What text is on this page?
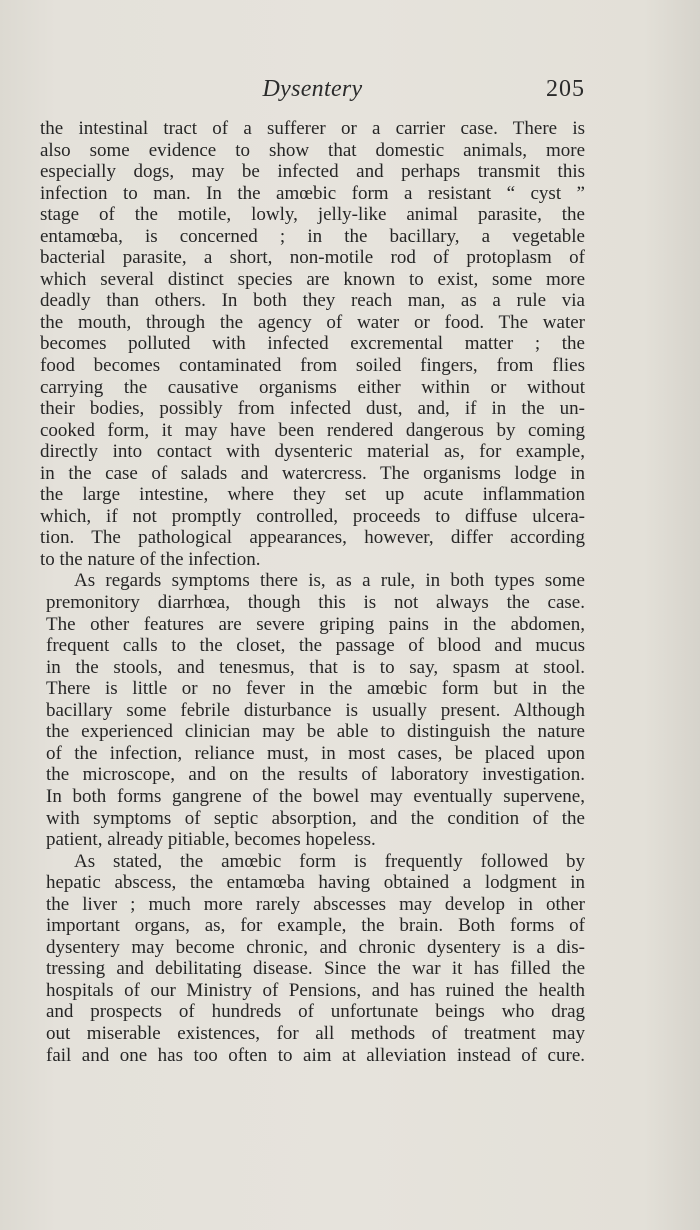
Dysentery	205
the intestinal tract of a sufferer or a carrier case. There is
also some evidence to show that domestic animals, more
especially dogs, may be infected and perhaps transmit this
infection to man. In the amœbic form a resistant “ cyst ”
stage of the motile, lowly, jelly-like animal parasite, the
entamœba, is concerned ; in the bacillary, a vegetable
bacterial parasite, a short, non-motile rod of protoplasm of
which several distinct species are known to exist, some more
deadly than others. In both they reach man, as a rule via
the mouth, through the agency of water or food. The water
becomes polluted with infected excremental matter ; the
food becomes contaminated from soiled fingers, from flies
carrying the causative organisms either within or without
their bodies, possibly from infected dust, and, if in the un-
cooked form, it may have been rendered dangerous by coming
directly into contact with dysenteric material as, for example,
in the case of salads and watercress. The organisms lodge in
the large intestine, where they set up acute inflammation
which, if not promptly controlled, proceeds to diffuse ulcera-
tion. The pathological appearances, however, differ according
to the nature of the infection.
As regards symptoms there is, as a rule, in both types some
premonitory diarrhœa, though this is not always the case.
The other features are severe griping pains in the abdomen,
frequent calls to the closet, the passage of blood and mucus
in the stools, and tenesmus, that is to say, spasm at stool.
There is little or no fever in the amœbic form but in the
bacillary some febrile disturbance is usually present. Although
the experienced clinician may be able to distinguish the nature
of the infection, reliance must, in most cases, be placed upon
the microscope, and on the results of laboratory investigation.
In both forms gangrene of the bowel may eventually supervene,
with symptoms of septic absorption, and the condition of the
patient, already pitiable, becomes hopeless.
As stated, the amœbic form is frequently followed by
hepatic abscess, the entamœba having obtained a lodgment in
the liver ; much more rarely abscesses may develop in other
important organs, as, for example, the brain. Both forms of
dysentery may become chronic, and chronic dysentery is a dis-
tressing and debilitating disease. Since the war it has filled the
hospitals of our Ministry of Pensions, and has ruined the health
and prospects of hundreds of unfortunate beings who drag
out miserable existences, for all methods of treatment may
fail and one has too often to aim at alleviation instead of cure.
